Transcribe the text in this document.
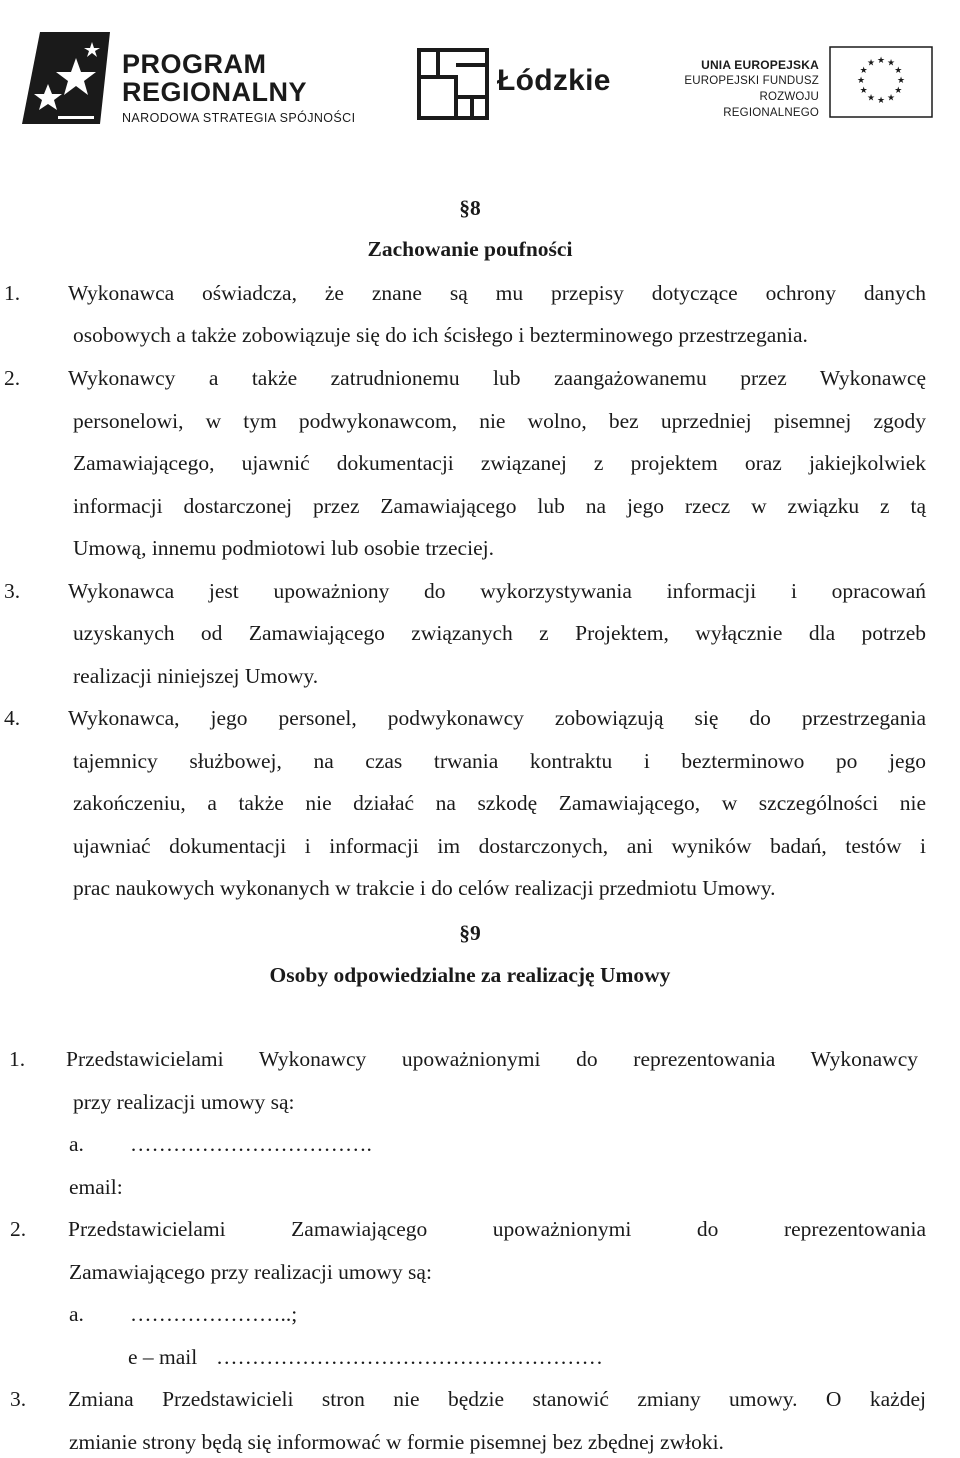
PROGRAM
REGIONALNY
NARODOWA STRATEGIA SPÓJNOŚCI
Łódzkie	UNIA EUROPEJSKA
EUROPEJSKI FUNDUSZ
ROZWOJU REGIONALNEGO
★ ★
★
★
★
★
★
★
★
★
★
★
§8
Zachowanie poufności
1. Wykonawca oświadcza, że znane są mu przepisy dotyczące ochrony danych
osobowych a także zobowiązuje się do ich ścisłego i bezterminowego przestrzegania.
2. Wykonawcy a także zatrudnionemu lub zaangażowanemu przez Wykonawcę
personelowi, w tym podwykonawcom, nie wolno, bez uprzedniej pisemnej zgody
Zamawiającego, ujawnić dokumentacji związanej z projektem oraz jakiejkolwiek
informacji dostarczonej przez Zamawiającego lub na jego rzecz w związku z tą
Umową, innemu podmiotowi lub osobie trzeciej.
3. Wykonawca jest upoważniony do wykorzystywania informacji i opracowań
uzyskanych od Zamawiającego związanych z Projektem, wyłącznie dla potrzeb
realizacji niniejszej Umowy.
4. Wykonawca, jego personel, podwykonawcy zobowiązują się do przestrzegania
tajemnicy służbowej, na czas trwania kontraktu i bezterminowo po jego
zakończeniu, a także nie działać na szkodę Zamawiającego, w szczególności nie
ujawniać dokumentacji i informacji im dostarczonych, ani wyników badań, testów i
prac naukowych wykonanych w trakcie i do celów realizacji przedmiotu Umowy.
§9
Osoby odpowiedzialne za realizację Umowy
1. Przedstawicielami Wykonawcy upoważnionymi do reprezentowania Wykonawcy
przy realizacji umowy są:
a. …………………………….
email:
2. Przedstawicielami Zamawiającego upoważnionymi do reprezentowania
Zamawiającego przy realizacji umowy są:
a. …………………..;
e – mail ………………………………………………
3. Zmiana Przedstawicieli stron nie będzie stanowić zmiany umowy. O każdej
zmianie strony będą się informować w formie pisemnej bez zbędnej zwłoki.
